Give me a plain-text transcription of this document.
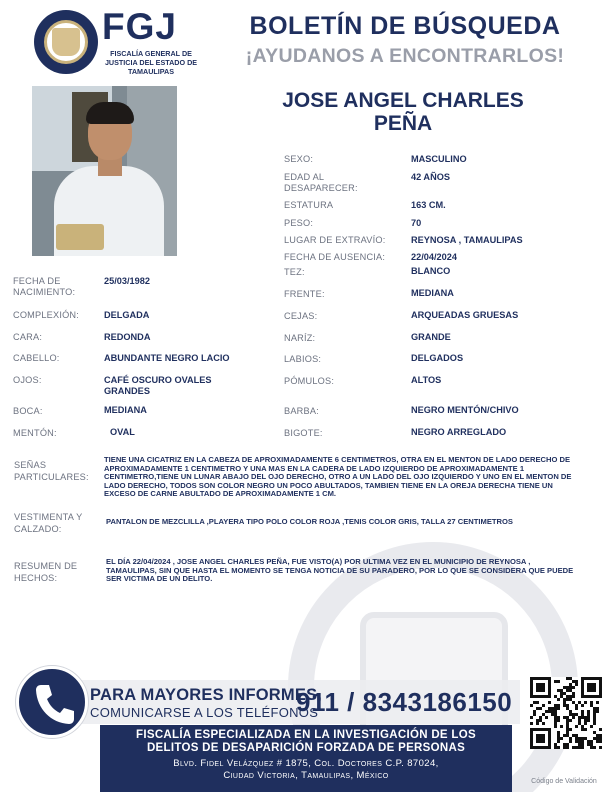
FGJ
FISCALÍA GENERAL DE JUSTICIA DEL ESTADO DE TAMAULIPAS
BOLETÍN DE BÚSQUEDA
¡AYUDANOS A ENCONTRARLOS!
JOSE ANGEL CHARLES
PEÑA
SEXO:	MASCULINO
EDAD AL DESAPARECER:
42 AÑOS
ESTATURA	163 CM.
PESO:	70
LUGAR DE EXTRAVÍO:	REYNOSA , TAMAULIPAS
FECHA DE AUSENCIA:	22/04/2024
TEZ:	BLANCO
FRENTE:	MEDIANA
CEJAS:	ARQUEADAS GRUESAS
NARÍZ:	GRANDE
LABIOS:	DELGADOS
PÓMULOS:	ALTOS
BARBA:	NEGRO MENTÓN/CHIVO
BIGOTE:	NEGRO ARREGLADO
FECHA DE NACIMIENTO:
25/03/1982
COMPLEXIÓN:	DELGADA
CARA:	REDONDA
CABELLO:	ABUNDANTE NEGRO LACIO
OJOS:	CAFÉ OSCURO OVALES GRANDES
BOCA:	MEDIANA
MENTÓN:	OVAL
SEÑAS PARTICULARES:
TIENE UNA CICATRIZ EN LA CABEZA DE APROXIMADAMENTE 6 CENTIMETROS, OTRA EN EL MENTON DE LADO DERECHO DE APROXIMADAMENTE 1 CENTIMETRO Y UNA MAS EN LA CADERA DE LADO IZQUIERDO DE APROXIMADAMENTE 1 CENTIMETRO,TIENE UN LUNAR ABAJO DEL OJO DERECHO, OTRO A UN LADO DEL OJO IZQUIERDO Y UNO EN EL MENTON DE LADO DERECHO, TODOS SON COLOR NEGRO UN POCO ABULTADOS, TAMBIEN TIENE EN LA OREJA DERECHA TIENE UN EXCESO DE CARNE ABULTADO DE APROXIMADAMENTE 1 CM.
VESTIMENTA Y CALZADO:
PANTALON DE MEZCLILLA ,PLAYERA TIPO POLO COLOR ROJA ,TENIS COLOR GRIS, TALLA 27 CENTIMETROS
RESUMEN DE HECHOS:
EL DÍA 22/04/2024 , JOSE ANGEL CHARLES PEÑA, FUE VISTO(A) POR ULTIMA VEZ EN EL MUNICIPIO DE REYNOSA , TAMAULIPAS, SIN QUE HASTA EL MOMENTO SE TENGA NOTICIA DE SU PARADERO, POR LO QUE SE CONSIDERA QUE PUEDE SER VICTIMA DE UN DELITO.
PARA MAYORES INFORMES,
COMUNICARSE A LOS TELÉFONOS
911 / 8343186150
FISCALÍA ESPECIALIZADA EN LA INVESTIGACIÓN DE LOS
DELITOS DE DESAPARICIÓN FORZADA DE PERSONAS
Blvd. Fidel Velázquez # 1875, Col. Doctores C.P. 87024,
Ciudad Victoria, Tamaulipas, México
Código de Validación
